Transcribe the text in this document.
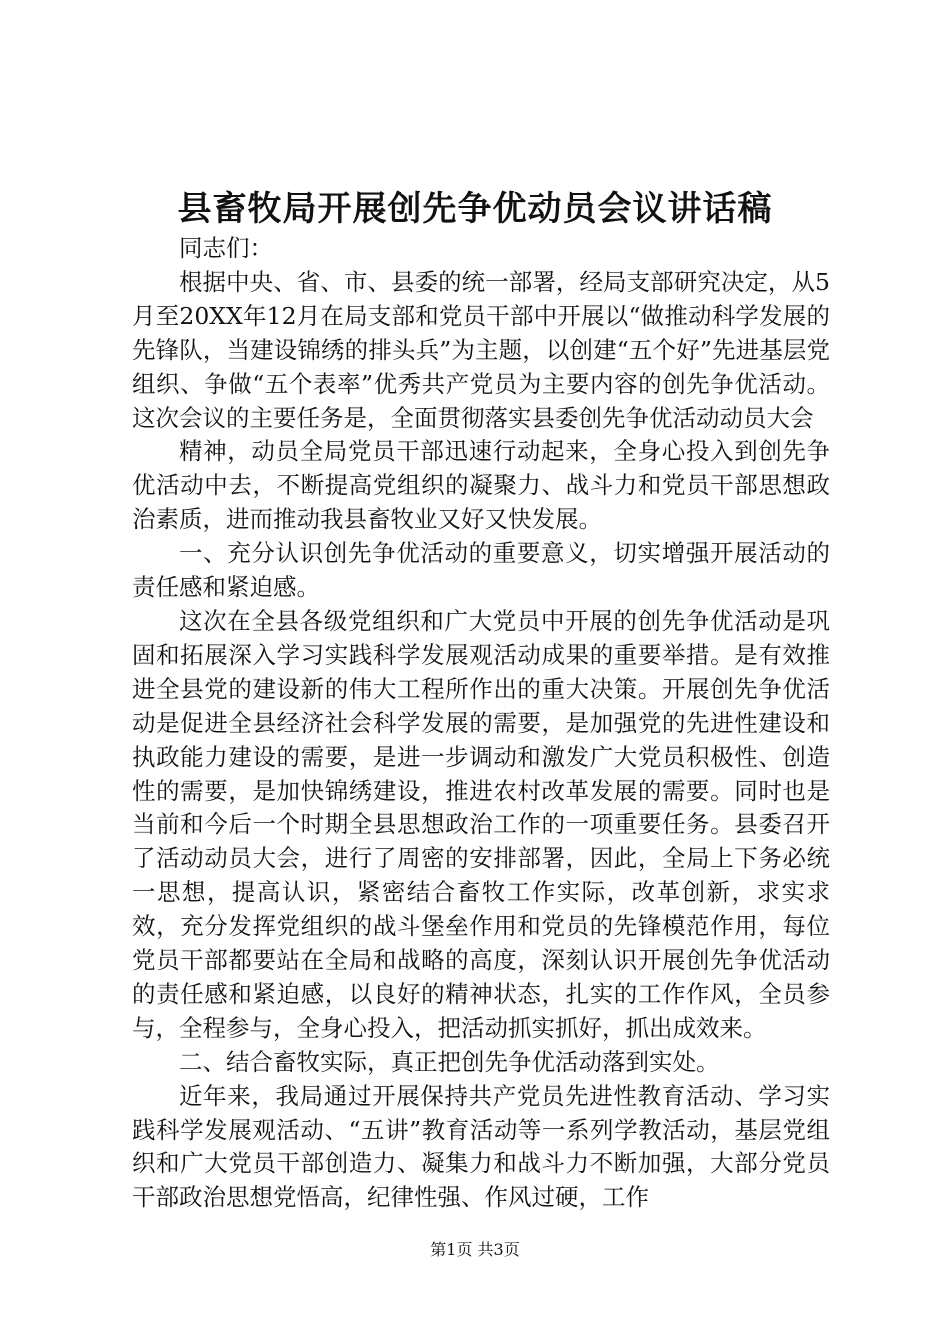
县畜牧局开展创先争优动员会议讲话稿

同志们：

根据中央、省、市、县委的统一部署，经局支部研究决定，从5月至20XX年12月在局支部和党员干部中开展以“做推动科学发展的先锋队，当建设锦绣的排头兵”为主题，以创建“五个好”先进基层党组织、争做“五个表率”优秀共产党员为主要内容的创先争优活动。这次会议的主要任务是，全面贯彻落实县委创先争优活动动员大会

精神，动员全局党员干部迅速行动起来，全身心投入到创先争优活动中去，不断提高党组织的凝聚力、战斗力和党员干部思想政治素质，进而推动我县畜牧业又好又快发展。

一、充分认识创先争优活动的重要意义，切实增强开展活动的责任感和紧迫感。

这次在全县各级党组织和广大党员中开展的创先争优活动是巩固和拓展深入学习实践科学发展观活动成果的重要举措。是有效推进全县党的建设新的伟大工程所作出的重大决策。开展创先争优活动是促进全县经济社会科学发展的需要，是加强党的先进性建设和执政能力建设的需要，是进一步调动和激发广大党员积极性、创造性的需要，是加快锦绣建设，推进农村改革发展的需要。同时也是当前和今后一个时期全县思想政治工作的一项重要任务。县委召开了活动动员大会，进行了周密的安排部署，因此，全局上下务必统一思想，提高认识，紧密结合畜牧工作实际，改革创新，求实求效，充分发挥党组织的战斗堡垒作用和党员的先锋模范作用，每位党员干部都要站在全局和战略的高度，深刻认识开展创先争优活动的责任感和紧迫感，以良好的精神状态，扎实的工作作风，全员参与，全程参与，全身心投入，把活动抓实抓好，抓出成效来。

二、结合畜牧实际，真正把创先争优活动落到实处。

近年来，我局通过开展保持共产党员先进性教育活动、学习实践科学发展观活动、“五讲”教育活动等一系列学教活动，基层党组织和广大党员干部创造力、凝集力和战斗力不断加强，大部分党员干部政治思想党悟高，纪律性强、作风过硬，工作

第1页 共3页
